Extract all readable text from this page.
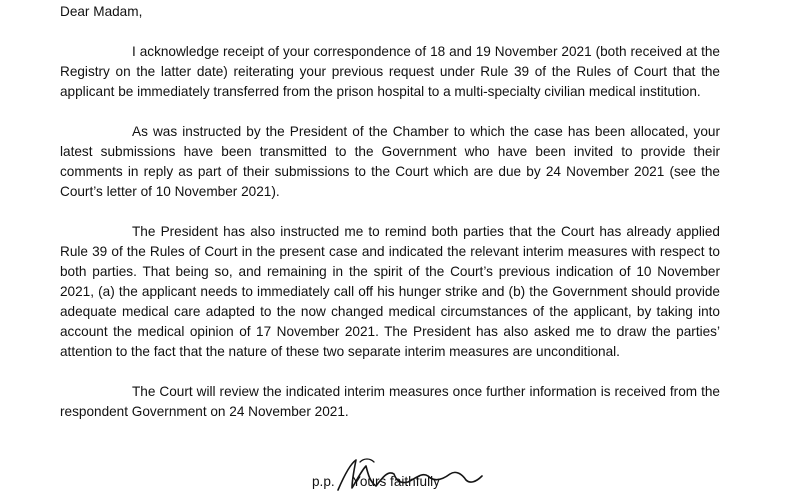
Dear Madam,

I acknowledge receipt of your correspondence of 18 and 19 November 2021 (both received at the Registry on the latter date) reiterating your previous request under Rule 39 of the Rules of Court that the applicant be immediately transferred from the prison hospital to a multi-specialty civilian medical institution.

As was instructed by the President of the Chamber to which the case has been allocated, your latest submissions have been transmitted to the Government who have been invited to provide their comments in reply as part of their submissions to the Court which are due by 24 November 2021 (see the Court’s letter of 10 November 2021).

The President has also instructed me to remind both parties that the Court has already applied Rule 39 of the Rules of Court in the present case and indicated the relevant interim measures with respect to both parties. That being so, and remaining in the spirit of the Court’s previous indication of 10 November 2021, (a) the applicant needs to immediately call off his hunger strike and (b) the Government should provide adequate medical care adapted to the now changed medical circumstances of the applicant, by taking into account the medical opinion of 17 November 2021. The President has also asked me to draw the parties’ attention to the fact that the nature of these two separate interim measures are unconditional.

The Court will review the indicated interim measures once further information is received from the respondent Government on 24 November 2021.

p.p. Yours faithfully
